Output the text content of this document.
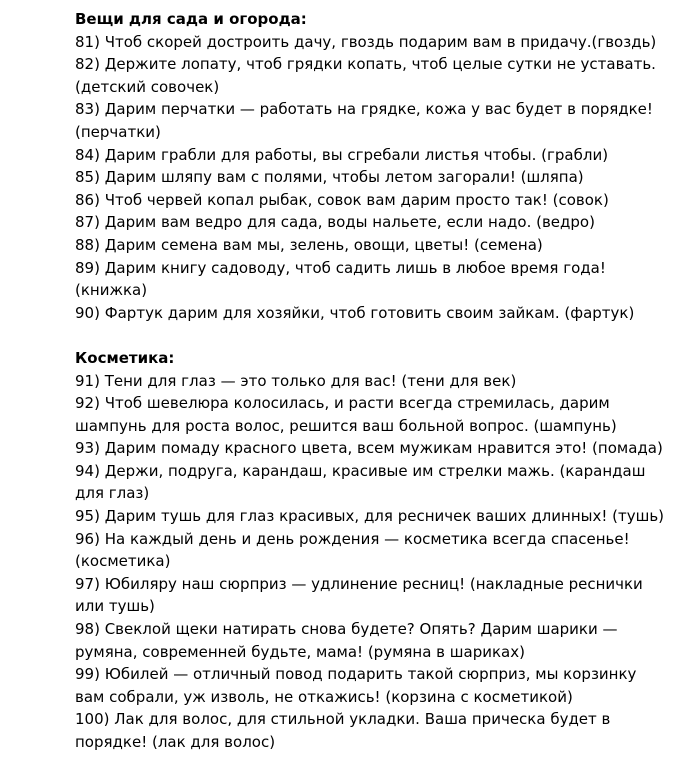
Вещи для сада и огорода:

81) Чтоб скорей достроить дачу, гвоздь подарим вам в придачу.(гвоздь)

82) Держите лопату, чтоб грядки копать, чтоб целые сутки не уставать. (детский совочек)

83) Дарим перчатки — работать на грядке, кожа у вас будет в порядке! (перчатки)

84) Дарим грабли для работы, вы сгребали листья чтобы. (грабли)

85) Дарим шляпу вам с полями, чтобы летом загорали! (шляпа)

86) Чтоб червей копал рыбак, совок вам дарим просто так! (совок)

87) Дарим вам ведро для сада, воды нальете, если надо. (ведро)

88) Дарим семена вам мы, зелень, овощи, цветы! (семена)

89) Дарим книгу садоводу, чтоб садить лишь в любое время года! (книжка)

90) Фартук дарим для хозяйки, чтоб готовить своим зайкам. (фартук)

Косметика:

91) Тени для глаз — это только для вас! (тени для век)

92) Чтоб шевелюра колосилась, и расти всегда стремилась, дарим шампунь для роста волос, решится ваш больной вопрос. (шампунь)

93) Дарим помаду красного цвета, всем мужикам нравится это! (помада)

94) Держи, подруга, карандаш, красивые им стрелки мажь. (карандаш для глаз)

95) Дарим тушь для глаз красивых, для ресничек ваших длинных! (тушь)

96) На каждый день и день рождения — косметика всегда спасенье! (косметика)

97) Юбиляру наш сюрприз — удлинение ресниц! (накладные реснички или тушь)

98) Свеклой щеки натирать снова будете? Опять? Дарим шарики — румяна, современней будьте, мама! (румяна в шариках)

99) Юбилей — отличный повод подарить такой сюрприз, мы корзинку вам собрали, уж изволь, не откажись! (корзина с косметикой)

100) Лак для волос, для стильной укладки. Ваша прическа будет в порядке! (лак для волос)
